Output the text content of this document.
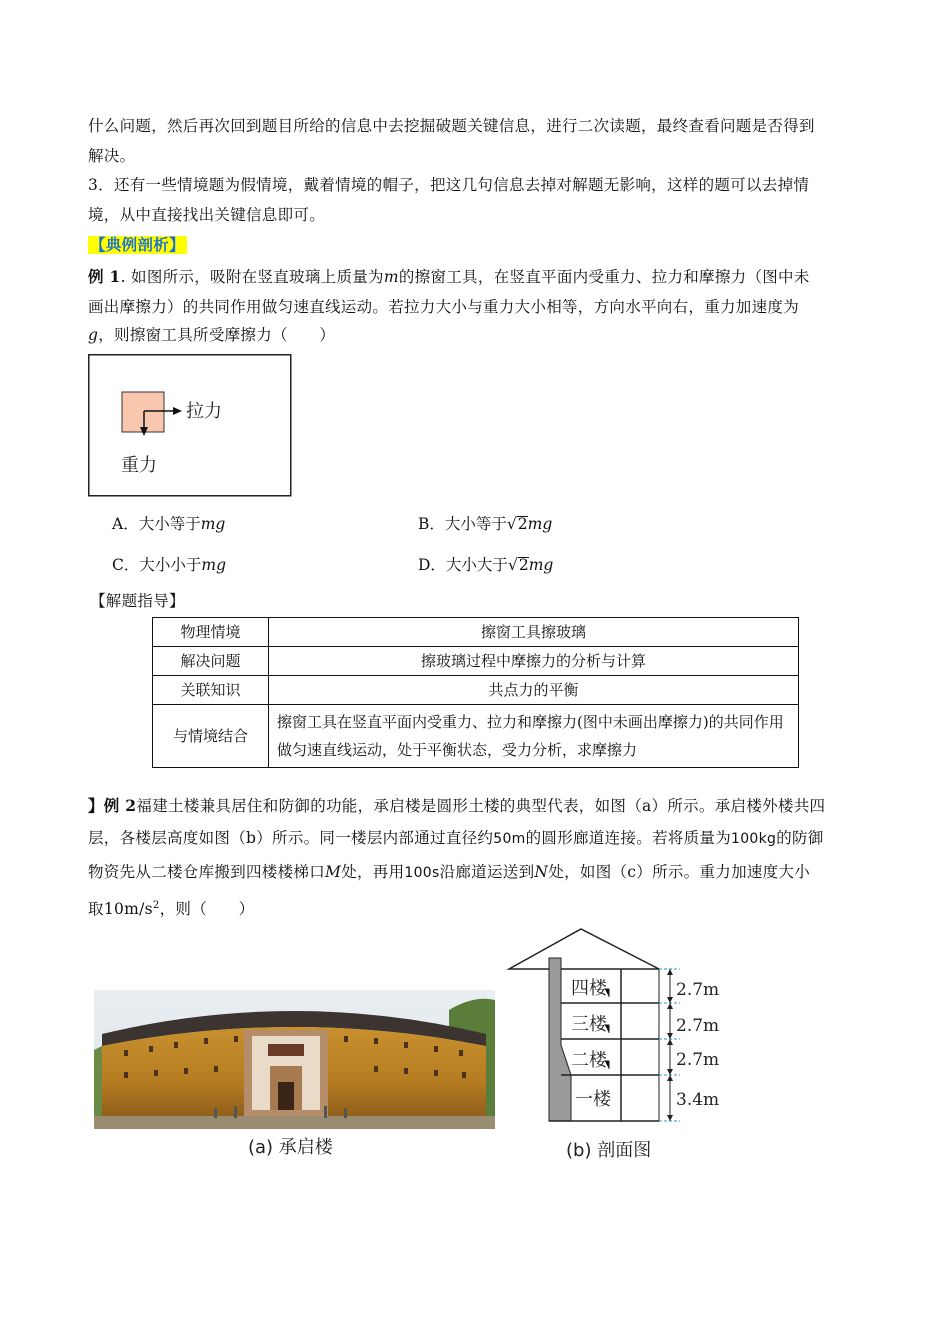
什么问题，然后再次回到题目所给的信息中去挖掘破题关键信息，进行二次读题，最终查看问题是否得到

解决。

3．还有一些情境题为假情境，戴着情境的帽子，把这几句信息去掉对解题无影响，这样的题可以去掉情

境，从中直接找出关键信息即可。

【典例剖析】

例 1. 如图所示，吸附在竖直玻璃上质量为m的擦窗工具，在竖直平面内受重力、拉力和摩擦力（图中未

画出摩擦力）的共同作用做匀速直线运动。若拉力大小与重力大小相等，方向水平向右，重力加速度为

g，则擦窗工具所受摩擦力（　　）

拉力
重力
A．大小等于mg	B．大小等于√2mg
C．大小小于mg	D．大小大于√2mg

【解题指导】

物理情境	擦窗工具擦玻璃
解决问题	擦玻璃过程中摩擦力的分析与计算
关联知识	共点力的平衡
与情境结合	擦窗工具在竖直平面内受重力、拉力和摩擦力(图中未画出摩擦力)的共同作用做匀速直线运动，处于平衡状态，受力分析，求摩擦力

】例 2福建土楼兼具居住和防御的功能，承启楼是圆形土楼的典型代表，如图（a）所示。承启楼外楼共四

层，各楼层高度如图（b）所示。同一楼层内部通过直径约50m的圆形廊道连接。若将质量为100kg的防御

物资先从二楼仓库搬到四楼楼梯口M处，再用100s沿廊道运送到N处，如图（c）所示。重力加速度大小

取$10m/s^2$，则（　　）

(a) 承启楼
四楼
三楼
二楼
一楼
2.7m
2.7m
2.7m
3.4m
(b) 剖面图
